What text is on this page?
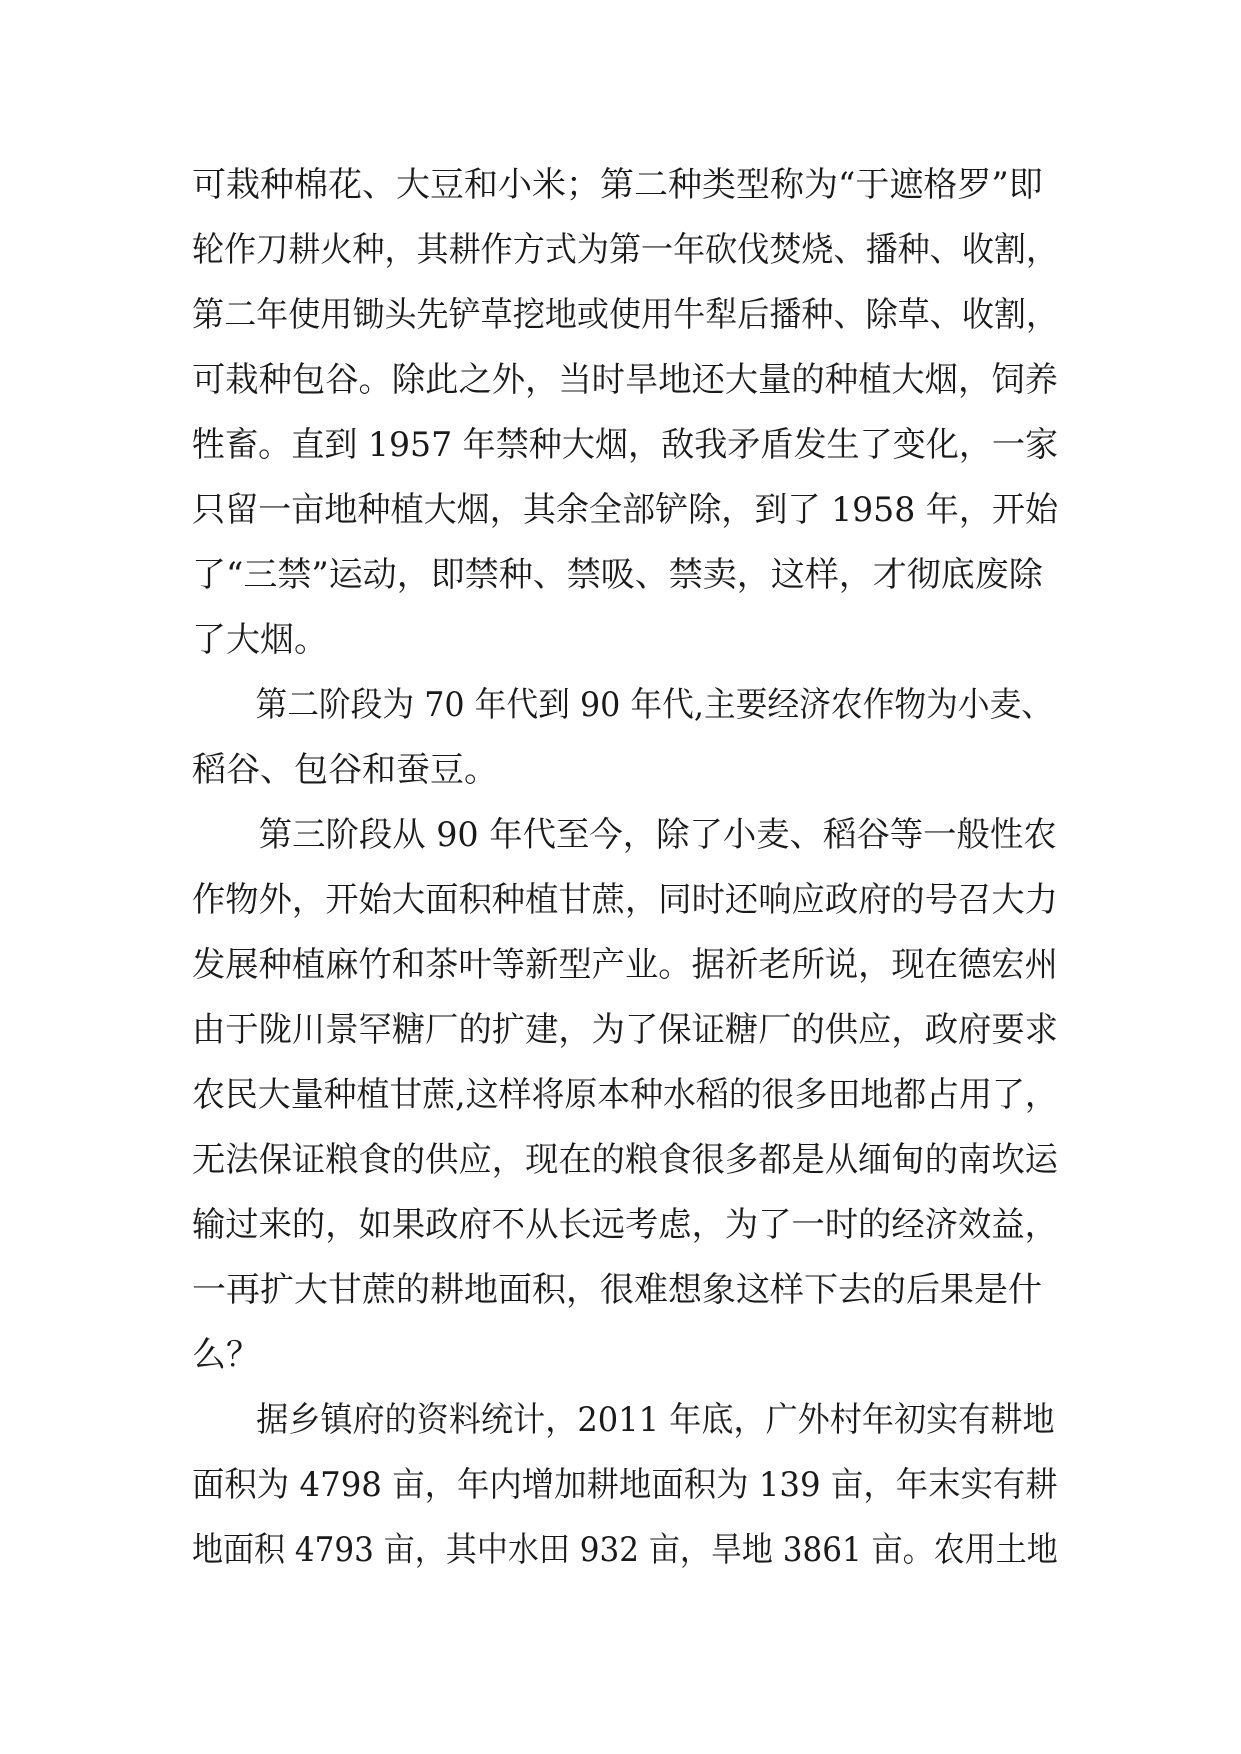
可栽种棉花、大豆和小米；第二种类型称为“于遮格罗”即
轮作刀耕火种，其耕作方式为第一年砍伐焚烧、播种、收割，
第二年使用锄头先铲草挖地或使用牛犁后播种、除草、收割，
可栽种包谷。除此之外，当时旱地还大量的种植大烟，饲养
牲畜。直到 1957 年禁种大烟，敌我矛盾发生了变化，一家
只留一亩地种植大烟，其余全部铲除，到了 1958 年，开始
了“三禁”运动，即禁种、禁吸、禁卖，这样，才彻底废除
了大烟。
第二阶段为 70 年代到 90 年代,主要经济农作物为小麦、
稻谷、包谷和蚕豆。
第三阶段从 90 年代至今，除了小麦、稻谷等一般性农
作物外，开始大面积种植甘蔗，同时还响应政府的号召大力
发展种植麻竹和茶叶等新型产业。据祈老所说，现在德宏州
由于陇川景罕糖厂的扩建，为了保证糖厂的供应，政府要求
农民大量种植甘蔗,这样将原本种水稻的很多田地都占用了，
无法保证粮食的供应，现在的粮食很多都是从缅甸的南坎运
输过来的，如果政府不从长远考虑，为了一时的经济效益，
一再扩大甘蔗的耕地面积，很难想象这样下去的后果是什
么？
据乡镇府的资料统计，2011 年底，广外村年初实有耕地
面积为 4798 亩，年内增加耕地面积为 139 亩，年末实有耕
地面积 4793 亩，其中水田 932 亩，旱地 3861 亩。农用土地
